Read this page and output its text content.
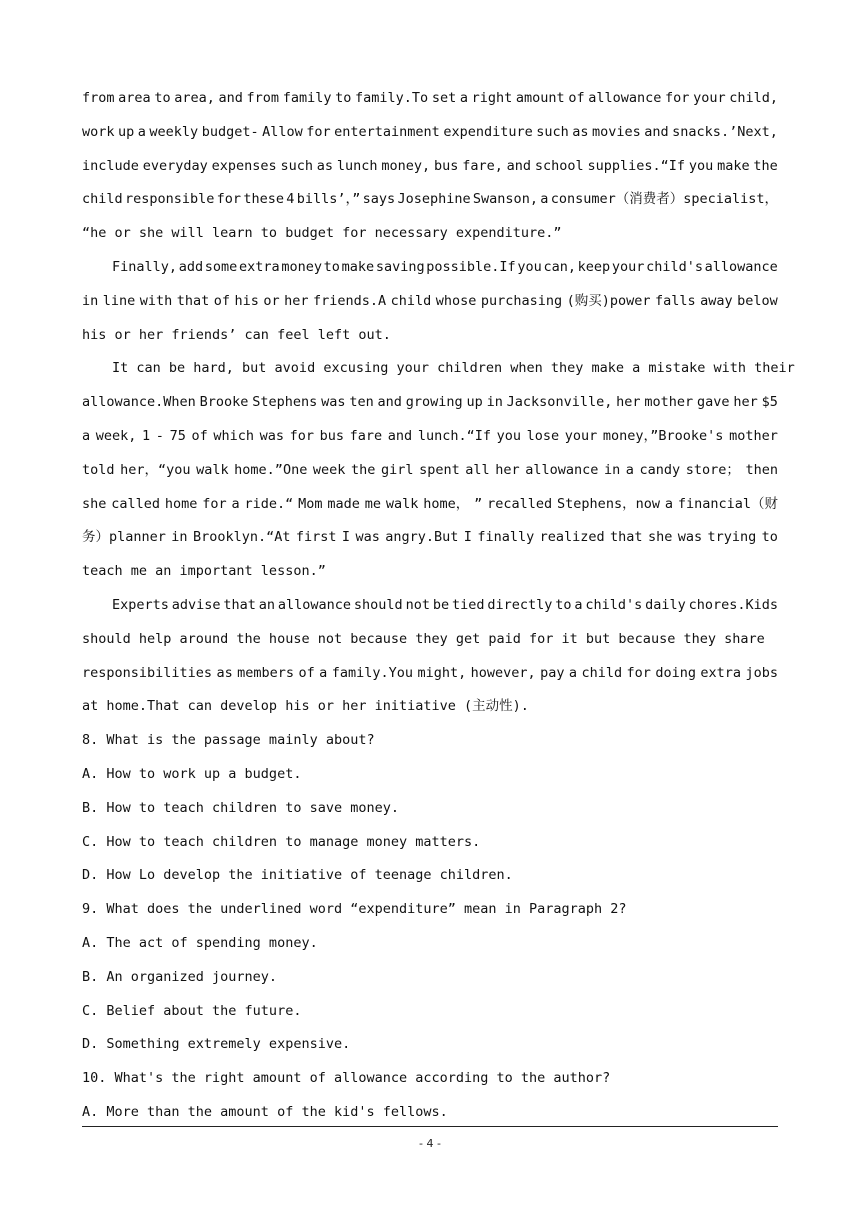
from area to area, and from family to family.To set a right amount of allowance for your child,
work up a weekly budget- Allow for entertainment expenditure such as movies and snacks.’Next,
include everyday expenses such as lunch money, bus fare, and school supplies.“If you make the
child responsible for these 4 bills’，” says Josephine Swanson, a consumer（消费者）specialist，
“he or she will learn to budget for necessary expenditure.”
Finally, add some extra money to make saving possible.If you can, keep your child's allowance
in line with that of his or her friends.A child whose purchasing (购买)power falls away below
his or her friends’ can feel left out.
It can be hard, but avoid excusing your children when they make a mistake with their
allowance.When Brooke Stephens was ten and growing up in Jacksonville, her mother gave her $5
a week, 1 - 75 of which was for bus fare and lunch.“If you lose your money，”Brooke's mother
told her，“you walk home.”One week the girl spent all her allowance in a candy store； then
she called home for a ride.“ Mom made me walk home， ” recalled Stephens，now a financial（财
务）planner in Brooklyn.“At first I was angry.But I finally realized that she was trying to
teach me an important lesson.”
Experts advise that an allowance should not be tied directly to a child's daily chores.Kids
should help around the house not because they get paid for it but because they share
responsibilities as members of a family.You might, however, pay a child for doing extra jobs
at home.That can develop his or her initiative (主动性).
8. What is the passage mainly about?
A. How to work up a budget.
B. How to teach children to save money.
C. How to teach children to manage money matters.
D. How Lo develop the initiative of teenage children.
9. What does the underlined word “expenditure” mean in Paragraph 2?
A. The act of spending money.
B. An organized journey.
C. Belief about the future.
D. Something extremely expensive.
10. What's the right amount of allowance according to the author?
A. More than the amount of the kid's fellows.
- 4 -
